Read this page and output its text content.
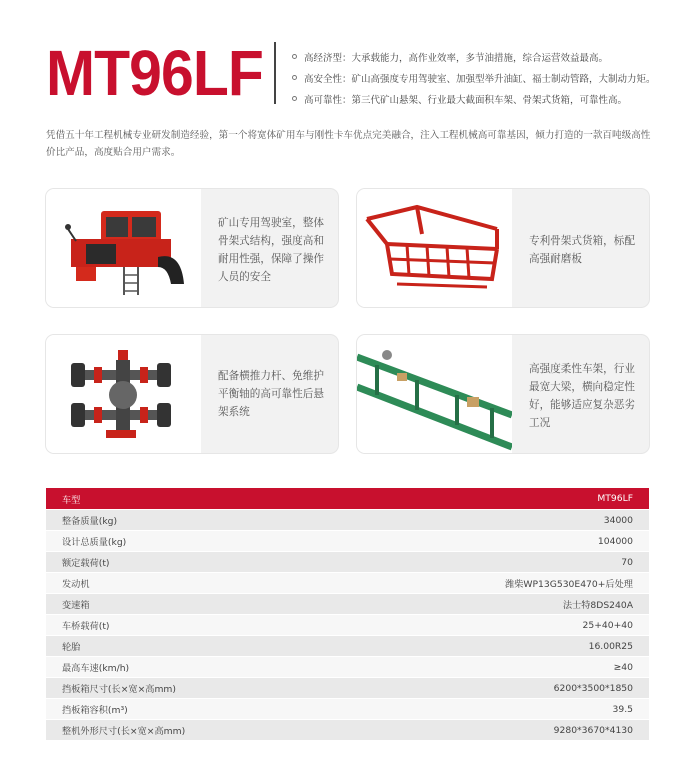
MT96LF	高经济型：大承载能力，高作业效率，多节油措施，综合运营效益最高。
高安全性：矿山高强度专用驾驶室、加强型举升油缸、福士制动管路，大制动力矩。
高可靠性：第三代矿山悬架、行业最大截面积车架、骨架式货箱，可靠性高。

凭借五十年工程机械专业研发制造经验，第一个将宽体矿用车与刚性卡车优点完美融合，注入工程机械高可靠基因，倾力打造的一款百吨级高性价比产品，高度贴合用户需求。

矿山专用驾驶室，整体骨架式结构，强度高和耐用性强，保障了操作人员的安全
专利骨架式货箱，标配高强耐磨板
配备横推力杆、免维护平衡轴的高可靠性后悬架系统
高强度柔性车架，行业最宽大梁，横向稳定性好，能够适应复杂恶劣工况
车型	MT96LF
整备质量(kg)	34000
设计总质量(kg)	104000
额定载荷(t)	70
发动机	潍柴WP13G530E470+后处理
变速箱	法士特8DS240A
车桥载荷(t)	25+40+40
轮胎	16.00R25
最高车速(km/h)	≥40
挡板箱尺寸(长×宽×高mm)	6200*3500*1850
挡板箱容积(m³)	39.5
整机外形尺寸(长×宽×高mm)	9280*3670*4130
